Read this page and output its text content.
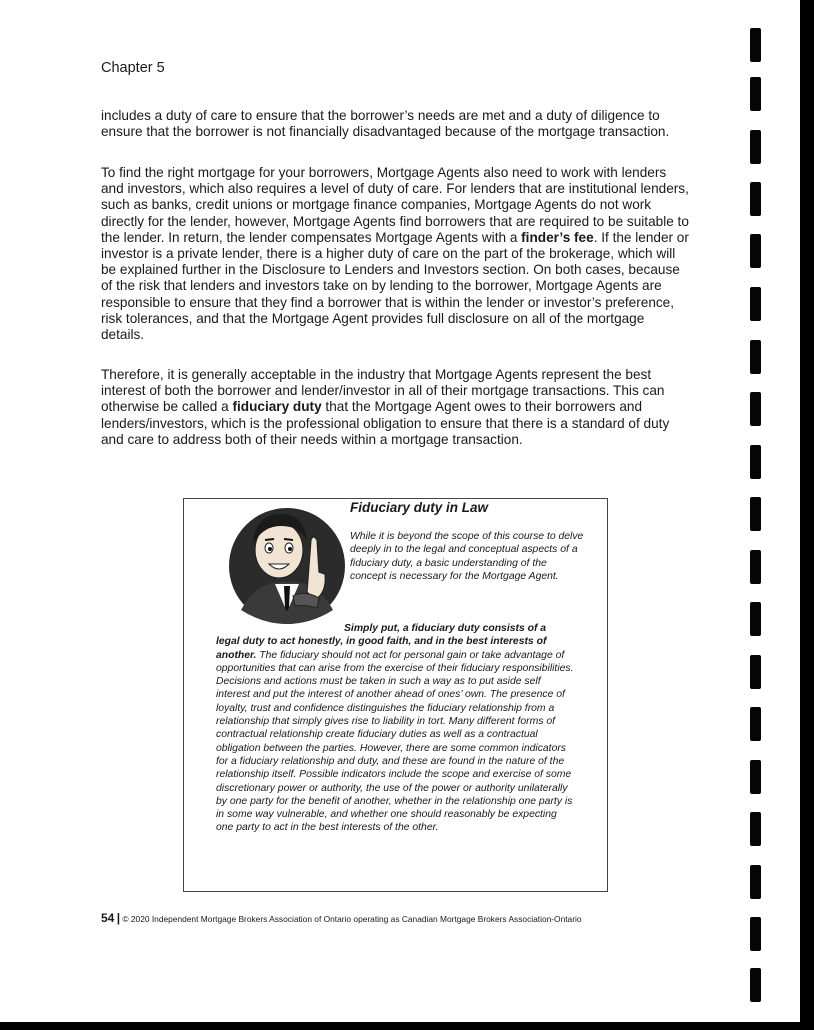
Chapter 5

includes a duty of care to ensure that the borrower’s needs are met and a duty of diligence to ensure that the borrower is not financially disadvantaged because of the mortgage transaction.

To find the right mortgage for your borrowers, Mortgage Agents also need to work with lenders and investors, which also requires a level of duty of care. For lenders that are institutional lenders, such as banks, credit unions or mortgage finance companies, Mortgage Agents do not work directly for the lender, however, Mortgage Agents find borrowers that are required to be suitable to the lender. In return, the lender compensates Mortgage Agents with a finder’s fee. If the lender or investor is a private lender, there is a higher duty of care on the part of the brokerage, which will be explained further in the Disclosure to Lenders and Investors section. On both cases, because of the risk that lenders and investors take on by lending to the borrower, Mortgage Agents are responsible to ensure that they find a borrower that is within the lender or investor’s preference, risk tolerances, and that the Mortgage Agent provides full disclosure on all of the mortgage details.

Therefore, it is generally acceptable in the industry that Mortgage Agents represent the best interest of both the borrower and lender/investor in all of their mortgage transactions. This can otherwise be called a fiduciary duty that the Mortgage Agent owes to their borrowers and lenders/investors, which is the professional obligation to ensure that there is a standard of duty and care to address both of their needs within a mortgage transaction.

Fiduciary duty in Law

While it is beyond the scope of this course to delve deeply in to the legal and conceptual aspects of a fiduciary duty, a basic understanding of the concept is necessary for the Mortgage Agent.

Simply put, a fiduciary duty consists of a
legal duty to act honestly, in good faith, and in the best interests of another. The fiduciary should not act for personal gain or take advantage of opportunities that can arise from the exercise of their fiduciary responsibilities. Decisions and actions must be taken in such a way as to put aside self interest and put the interest of another ahead of ones’ own. The presence of loyalty, trust and confidence distinguishes the fiduciary relationship from a relationship that simply gives rise to liability in tort. Many different forms of contractual relationship create fiduciary duties as well as a contractual obligation between the parties. However, there are some common indicators for a fiduciary relationship and duty, and these are found in the nature of the relationship itself. Possible indicators include the scope and exercise of some discretionary power or authority, the use of the power or authority unilaterally by one party for the benefit of another, whether in the relationship one party is in some way vulnerable, and whether one should reasonably be expecting one party to act in the best interests of the other.

54 | © 2020 Independent Mortgage Brokers Association of Ontario operating as Canadian Mortgage Brokers Association-Ontario
